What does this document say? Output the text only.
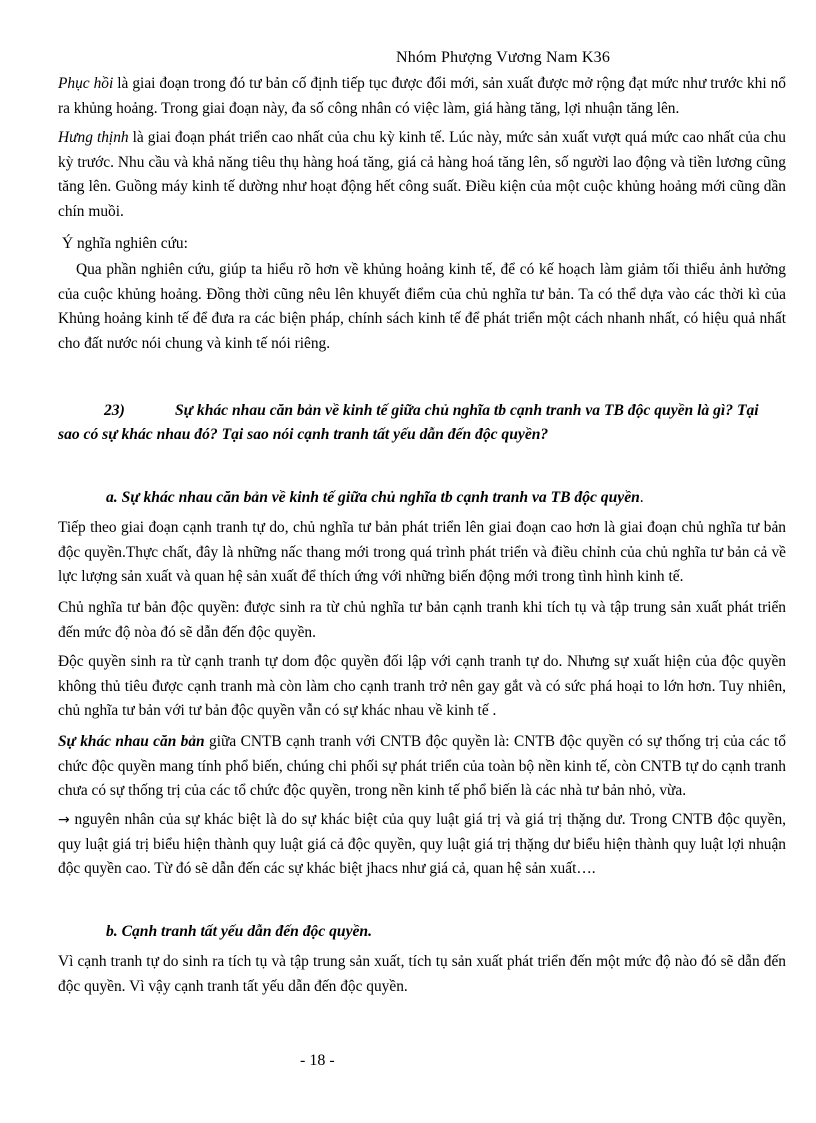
Nhóm Phượng Vương Nam K36

Phục hồi là giai đoạn trong đó tư bản cố định tiếp tục được đổi mới, sản xuất được mở rộng đạt mức như trước khi nổ ra khủng hoảng. Trong giai đoạn này, đa số công nhân có việc làm, giá hàng tăng, lợi nhuận tăng lên.

Hưng thịnh là giai đoạn phát triển cao nhất của chu kỳ kinh tế. Lúc này, mức sản xuất vượt quá mức cao nhất của chu kỳ trước. Nhu cầu và khả năng tiêu thụ hàng hoá tăng, giá cả hàng hoá tăng lên, số người lao động và tiền lương cũng tăng lên. Guồng máy kinh tế dường như hoạt động hết công suất. Điều kiện của một cuộc khủng hoảng mới cũng dần chín muồi.

Ý nghĩa nghiên cứu:

Qua phần nghiên cứu, giúp ta hiểu rõ hơn về khủng hoảng kinh tế, để có kế hoạch làm giảm tối thiểu ảnh hưởng của cuộc khủng hoảng. Đồng thời cũng nêu lên khuyết điểm của chủ nghĩa tư bản. Ta có thể dựa vào các thời kì của Khủng hoảng kinh tế để đưa ra các biện pháp, chính sách kinh tế để phát triển một cách nhanh nhất, có hiệu quả nhất cho đất nước nói chung và kinh tế nói riêng.

23)	Sự khác nhau căn bản về kinh tế giữa chủ nghĩa tb cạnh tranh va TB độc quyền là gì? Tại
sao có sự khác nhau đó? Tại sao nói cạnh tranh tất yếu dẫn đến độc quyền?
a. Sự khác nhau căn bản về kinh tế giữa chủ nghĩa tb cạnh tranh va TB độc quyền.

Tiếp theo giai đoạn cạnh tranh tự do, chủ nghĩa tư bản phát triển lên giai đoạn cao hơn là giai đoạn chủ nghĩa tư bản độc quyền.Thực chất, đây là những nấc thang mới trong quá trình phát triển và điều chỉnh của chủ nghĩa tư bản cả về lực lượng sản xuất và quan hệ sản xuất để thích ứng với những biến động mới trong tình hình kinh tế.

Chủ nghĩa tư bản độc quyền: được sinh ra từ chủ nghĩa tư bản cạnh tranh khi tích tụ và tập trung sản xuất phát triển đến mức độ nòa đó sẽ dẫn đến độc quyền.

Độc quyền sinh ra từ cạnh tranh tự dom độc quyền đối lập với cạnh tranh tự do. Nhưng sự xuất hiện của độc quyền không thủ tiêu được cạnh tranh mà còn làm cho cạnh tranh trở nên gay gắt và có sức phá hoại to lớn hơn. Tuy nhiên, chủ nghĩa tư bản với tư bản độc quyền vẫn có sự khác nhau về kinh tế .

Sự khác nhau căn bản giữa CNTB cạnh tranh với CNTB độc quyền là: CNTB độc quyền có sự thống trị của các tổ chức độc quyền mang tính phổ biến, chúng chi phối sự phát triển của toàn bộ nền kinh tế, còn CNTB tự do cạnh tranh chưa có sự thống trị của các tổ chức độc quyền, trong nền kinh tế phổ biến là các nhà tư bản nhỏ, vừa.

→ nguyên nhân của sự khác biệt là do sự khác biệt của quy luật giá trị và giá trị thặng dư. Trong CNTB độc quyền, quy luật giá trị biểu hiện thành quy luật giá cả độc quyền, quy luật giá trị thặng dư biểu hiện thành quy luật lợi nhuận độc quyền cao. Từ đó sẽ dẫn đến các sự khác biệt jhacs như giá cả, quan hệ sản xuất….

b. Cạnh tranh tất yếu dẫn đến độc quyền.

Vì cạnh tranh tự do sinh ra tích tụ và tập trung sản xuất, tích tụ sản xuất phát triển đến một mức độ nào đó sẽ dẫn đến độc quyền. Vì vậy cạnh tranh tất yếu dẫn đến độc quyền.

- 18 -
